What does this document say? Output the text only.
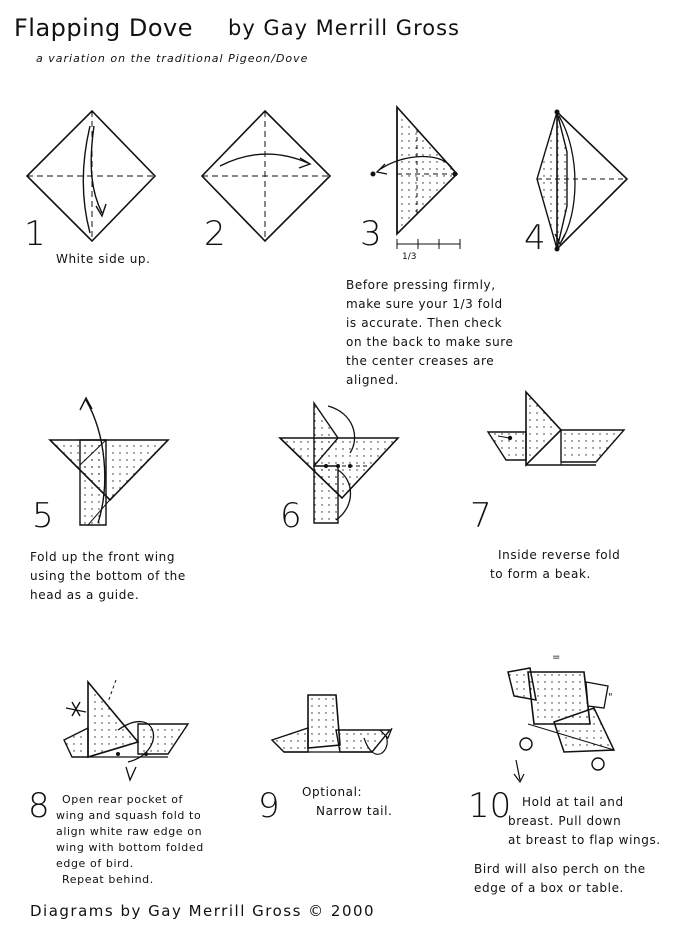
Flapping Dove by Gay Merrill Gross
a variation on the traditional Pigeon/Dove
1
White side up.
2	3
1/3	4
Before pressing firmly,
make sure your 1/3 fold
is accurate. Then check
on the back to make sure
the center creases are
aligned.
5
Fold up the front wing
using the bottom of the
head as a guide.
6	7
Inside reverse fold
to form a beak.
8	Open rear pocket of
wing and squash fold to
align white raw edge on
wing with bottom folded
edge of bird.
Repeat behind.
9 Optional:
Narrow tail.
=
"
10 Hold at tail and
breast. Pull down
at breast to flap wings.
Bird will also perch on the
edge of a box or table.
Diagrams by Gay Merrill Gross © 2000
